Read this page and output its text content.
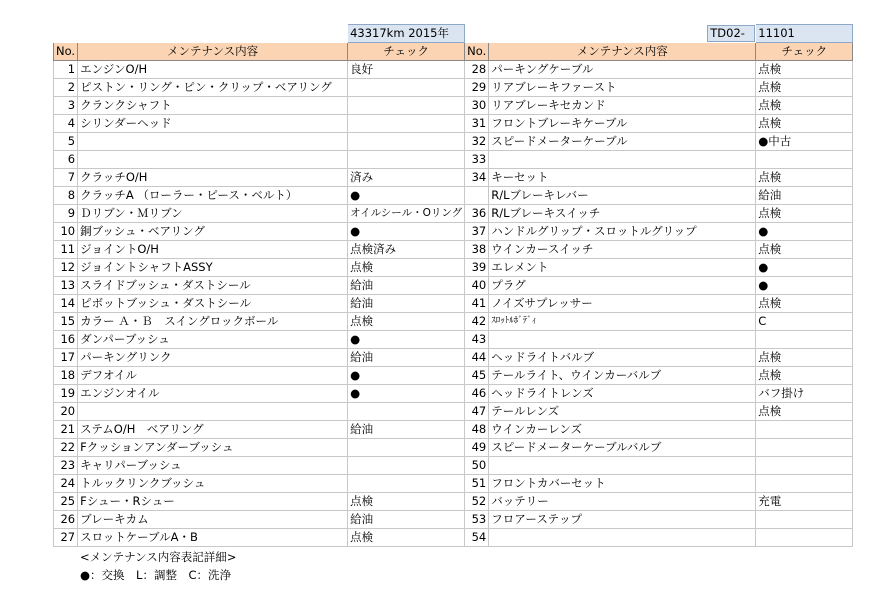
		43317km 2015年		TD02-	11101
No.	メンテナンス内容	チェック	No.	メンテナンス内容	チェック
1	エンジンO/H	良好	28	パーキングケーブル	点検
2	ピストン・リング・ピン・クリップ・ベアリング		29	リアブレーキファースト	点検
3	クランクシャフト		30	リアブレーキセカンド	点検
4	シリンダーヘッド		31	フロントブレーキケーブル	点検
5			32	スピードメーターケーブル	●中古
6			33		
7	クラッチO/H	済み	34	キーセット	点検
8	クラッチA （ローラー・ピース・ベルト）	●		R/Lブレーキレバー	給油
9	Ｄリブン・Ｍリブン	オイルシール・Oリング	36	R/Lブレーキスイッチ	点検
10	銅ブッシュ・ベアリング	●	37	ハンドルグリップ・スロットルグリップ	●
11	ジョイントO/H	点検済み	38	ウインカースイッチ	点検
12	ジョイントシャフトASSY	点検	39	エレメント	●
13	スライドブッシュ・ダストシール	給油	40	プラグ	●
14	ピボットブッシュ・ダストシール	給油	41	ノイズサプレッサー	点検
15	カラー Ａ・Ｂ　スイングロックボール	点検	42	ｽﾛｯﾄﾙﾎﾞﾃﾞｨ	C
16	ダンパーブッシュ	●	43		
17	パーキングリンク	給油	44	ヘッドライトバルブ	点検
18	デフオイル	●	45	テールライト、ウインカーバルブ	点検
19	エンジンオイル	●	46	ヘッドライトレンズ	バフ掛け
20			47	テールレンズ	点検
21	ステムO/H　ベアリング	給油	48	ウインカーレンズ	
22	Fクッションアンダーブッシュ		49	スピードメーターケーブルバルブ	
23	キャリパーブッシュ		50		
24	トルックリンクブッシュ		51	フロントカバーセット	
25	Fシュー・Rシュー	点検	52	バッテリー	充電
26	ブレーキカム	給油	53	フロアーステップ	
27	スロットケーブルA・B	点検	54		
<メンテナンス内容表記詳細>
●：交換　L：調整　C：洗浄
